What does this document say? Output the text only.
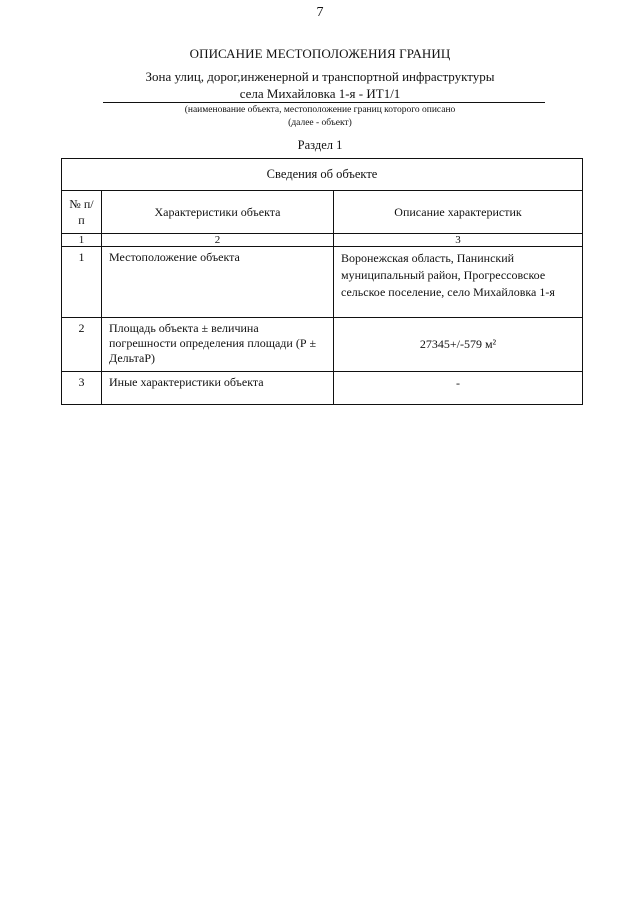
7
ОПИСАНИЕ МЕСТОПОЛОЖЕНИЯ ГРАНИЦ
Зона улиц, дорог,инженерной и транспортной инфраструктуры
села Михайловка 1-я - ИТ1/1
(наименование объекта, местоположение границ которого описано
(далее - объект)
Раздел 1
Сведения об объекте		
№ п/п	Характеристики объекта	Описание характеристик
1	2	3
1	Местоположение объекта	Воронежская область, Панинский муниципальный район, Прогрессовское сельское поселение, село Михайловка 1-я
2	Площадь объекта ± величина погрешности определения площади (Р ± ДельтаР)	27345+/-579 м²
3	Иные характеристики объекта	-
